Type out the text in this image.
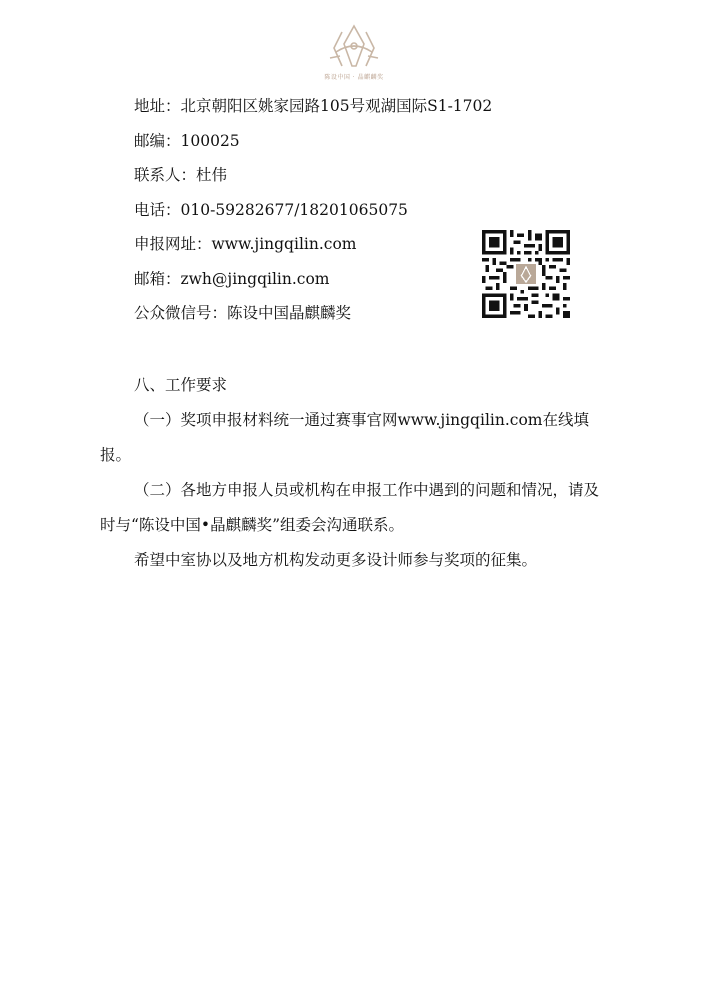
陈设中国 · 晶麒麟奖
地址：北京朝阳区姚家园路105号观湖国际S1-1702
邮编：100025
联系人：杜伟
电话：010-59282677/18201065075
申报网址：www.jingqilin.com
邮箱：zwh@jingqilin.com
公众微信号：陈设中国晶麒麟奖

八、工作要求

（一）奖项申报材料统一通过赛事官网www.jingqilin.com在线填报。

（二）各地方申报人员或机构在申报工作中遇到的问题和情况，请及时与“陈设中国•晶麒麟奖”组委会沟通联系。

希望中室协以及地方机构发动更多设计师参与奖项的征集。
